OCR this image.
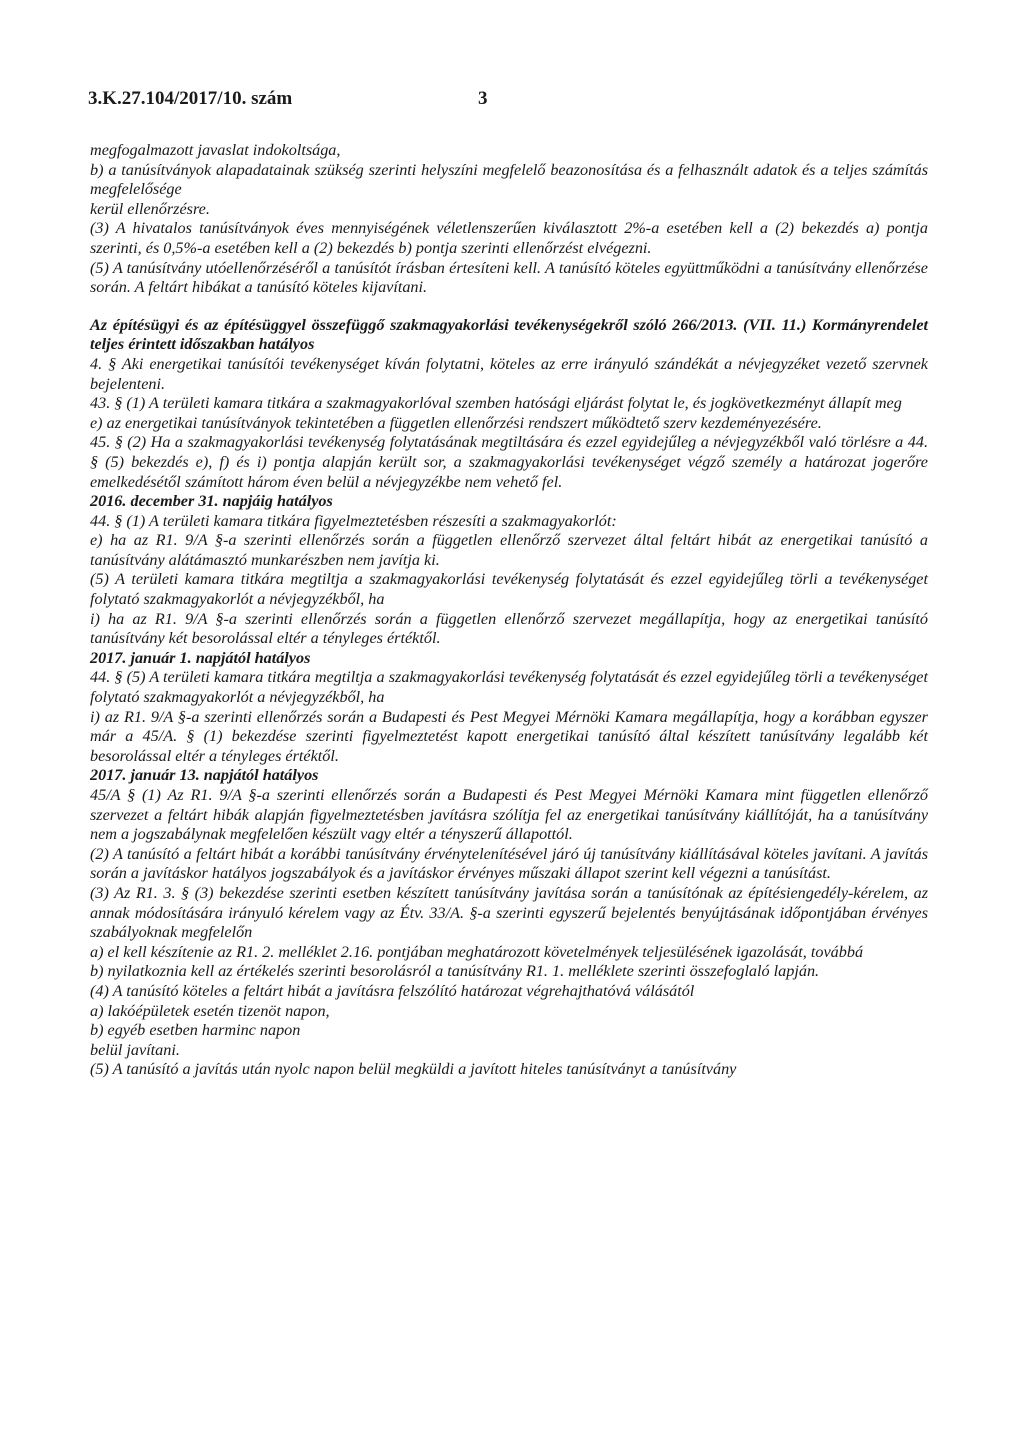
3.K.27.104/2017/10. szám	3

megfogalmazott javaslat indokoltsága,

b) a tanúsítványok alapadatainak szükség szerinti helyszíni megfelelő beazonosítása és a felhasznált adatok és a teljes számítás megfelelősége

kerül ellenőrzésre.

(3) A hivatalos tanúsítványok éves mennyiségének véletlenszerűen kiválasztott 2%-a esetében kell a (2) bekezdés a) pontja szerinti, és 0,5%-a esetében kell a (2) bekezdés b) pontja szerinti ellenőrzést elvégezni.

(5) A tanúsítvány utóellenőrzéséről a tanúsítót írásban értesíteni kell. A tanúsító köteles együttműködni a tanúsítvány ellenőrzése során. A feltárt hibákat a tanúsító köteles kijavítani.

Az építésügyi és az építésüggyel összefüggő szakmagyakorlási tevékenységekről szóló 266/2013. (VII. 11.) Kormányrendelet teljes érintett időszakban hatályos

4. § Aki energetikai tanúsítói tevékenységet kíván folytatni, köteles az erre irányuló szándékát a névjegyzéket vezető szervnek bejelenteni.

43. § (1) A területi kamara titkára a szakmagyakorlóval szemben hatósági eljárást folytat le, és jogkövetkezményt állapít meg

e) az energetikai tanúsítványok tekintetében a független ellenőrzési rendszert működtető szerv kezdeményezésére.

45. § (2) Ha a szakmagyakorlási tevékenység folytatásának megtiltására és ezzel egyidejűleg a névjegyzékből való törlésre a 44. § (5) bekezdés e), f) és i) pontja alapján került sor, a szakmagyakorlási tevékenységet végző személy a határozat jogerőre emelkedésétől számított három éven belül a névjegyzékbe nem vehető fel.

2016. december 31. napjáig hatályos

44. § (1) A területi kamara titkára figyelmeztetésben részesíti a szakmagyakorlót:

e) ha az R1. 9/A §-a szerinti ellenőrzés során a független ellenőrző szervezet által feltárt hibát az energetikai tanúsító a tanúsítvány alátámasztó munkarészben nem javítja ki.

(5) A területi kamara titkára megtiltja a szakmagyakorlási tevékenység folytatását és ezzel egyidejűleg törli a tevékenységet folytató szakmagyakorlót a névjegyzékből, ha

i) ha az R1. 9/A §-a szerinti ellenőrzés során a független ellenőrző szervezet megállapítja, hogy az energetikai tanúsító tanúsítvány két besorolással eltér a tényleges értéktől.

2017. január 1. napjától hatályos

44. § (5) A területi kamara titkára megtiltja a szakmagyakorlási tevékenység folytatását és ezzel egyidejűleg törli a tevékenységet folytató szakmagyakorlót a névjegyzékből, ha

i) az R1. 9/A §-a szerinti ellenőrzés során a Budapesti és Pest Megyei Mérnöki Kamara megállapítja, hogy a korábban egyszer már a 45/A. § (1) bekezdése szerinti figyelmeztetést kapott energetikai tanúsító által készített tanúsítvány legalább két besorolással eltér a tényleges értéktől.

2017. január 13. napjától hatályos

45/A § (1) Az R1. 9/A §-a szerinti ellenőrzés során a Budapesti és Pest Megyei Mérnöki Kamara mint független ellenőrző szervezet a feltárt hibák alapján figyelmeztetésben javításra szólítja fel az energetikai tanúsítvány kiállítóját, ha a tanúsítvány nem a jogszabálynak megfelelően készült vagy eltér a tényszerű állapottól.

(2) A tanúsító a feltárt hibát a korábbi tanúsítvány érvénytelenítésével járó új tanúsítvány kiállításával köteles javítani. A javítás során a javításkor hatályos jogszabályok és a javításkor érvényes műszaki állapot szerint kell végezni a tanúsítást.

(3) Az R1. 3. § (3) bekezdése szerinti esetben készített tanúsítvány javítása során a tanúsítónak az építésiengedély-kérelem, az annak módosítására irányuló kérelem vagy az Étv. 33/A. §-a szerinti egyszerű bejelentés benyújtásának időpontjában érvényes szabályoknak megfelelőn

a) el kell készítenie az R1. 2. melléklet 2.16. pontjában meghatározott követelmények teljesülésének igazolását, továbbá

b) nyilatkoznia kell az értékelés szerinti besorolásról a tanúsítvány R1. 1. melléklete szerinti összefoglaló lapján.

(4) A tanúsító köteles a feltárt hibát a javításra felszólító határozat végrehajthatóvá válásától

a) lakóépületek esetén tizenöt napon,

b) egyéb esetben harminc napon

belül javítani.

(5) A tanúsító a javítás után nyolc napon belül megküldi a javított hiteles tanúsítványt a tanúsítvány
